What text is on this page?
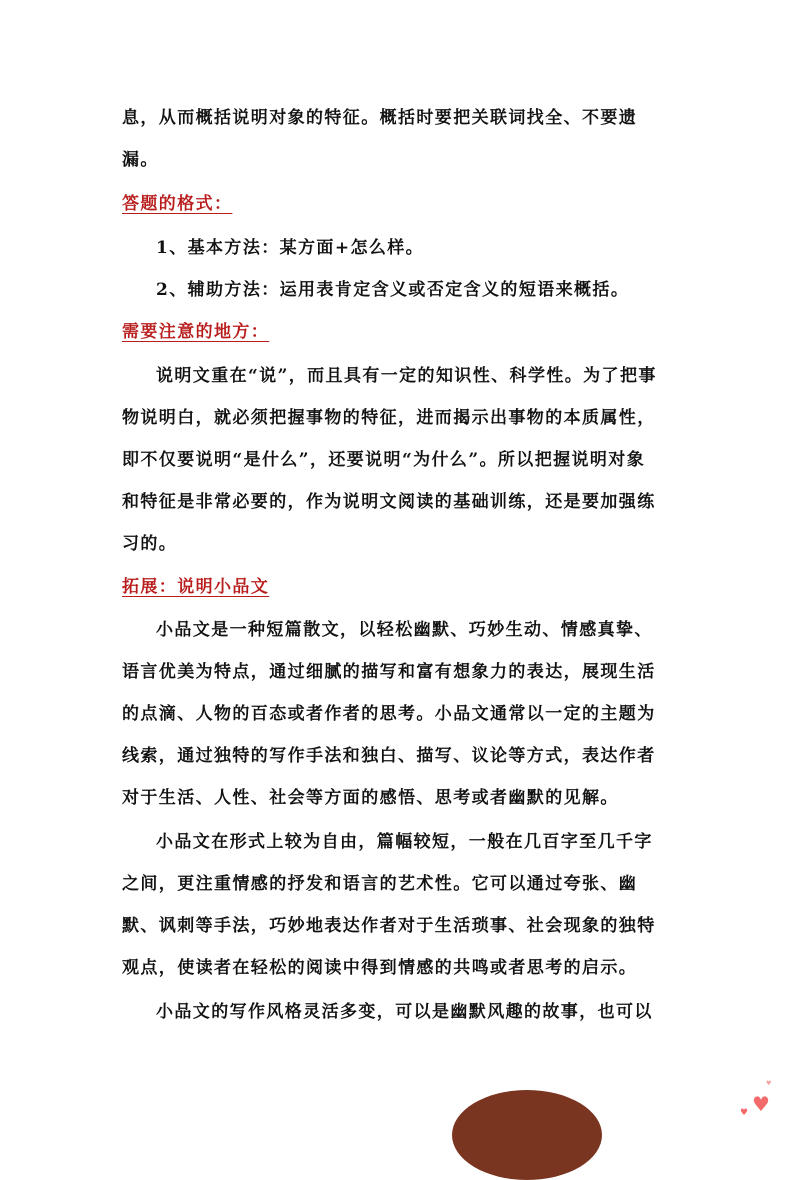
息，从而概括说明对象的特征。概括时要把关联词找全、不要遗
漏。
答题的格式：
1、基本方法：某方面+怎么样。
2、辅助方法：运用表肯定含义或否定含义的短语来概括。
需要注意的地方：
说明文重在“说”，而且具有一定的知识性、科学性。为了把事
物说明白，就必须把握事物的特征，进而揭示出事物的本质属性，
即不仅要说明“是什么”，还要说明“为什么”。所以把握说明对象
和特征是非常必要的，作为说明文阅读的基础训练，还是要加强练
习的。
拓展：说明小品文
小品文是一种短篇散文，以轻松幽默、巧妙生动、情感真挚、
语言优美为特点，通过细腻的描写和富有想象力的表达，展现生活
的点滴、人物的百态或者作者的思考。小品文通常以一定的主题为
线索，通过独特的写作手法和独白、描写、议论等方式，表达作者
对于生活、人性、社会等方面的感悟、思考或者幽默的见解。
小品文在形式上较为自由，篇幅较短，一般在几百字至几千字
之间，更注重情感的抒发和语言的艺术性。它可以通过夸张、幽
默、讽刺等手法，巧妙地表达作者对于生活琐事、社会现象的独特
观点，使读者在轻松的阅读中得到情感的共鸣或者思考的启示。
小品文的写作风格灵活多变，可以是幽默风趣的故事，也可以
♥
♥
♥
